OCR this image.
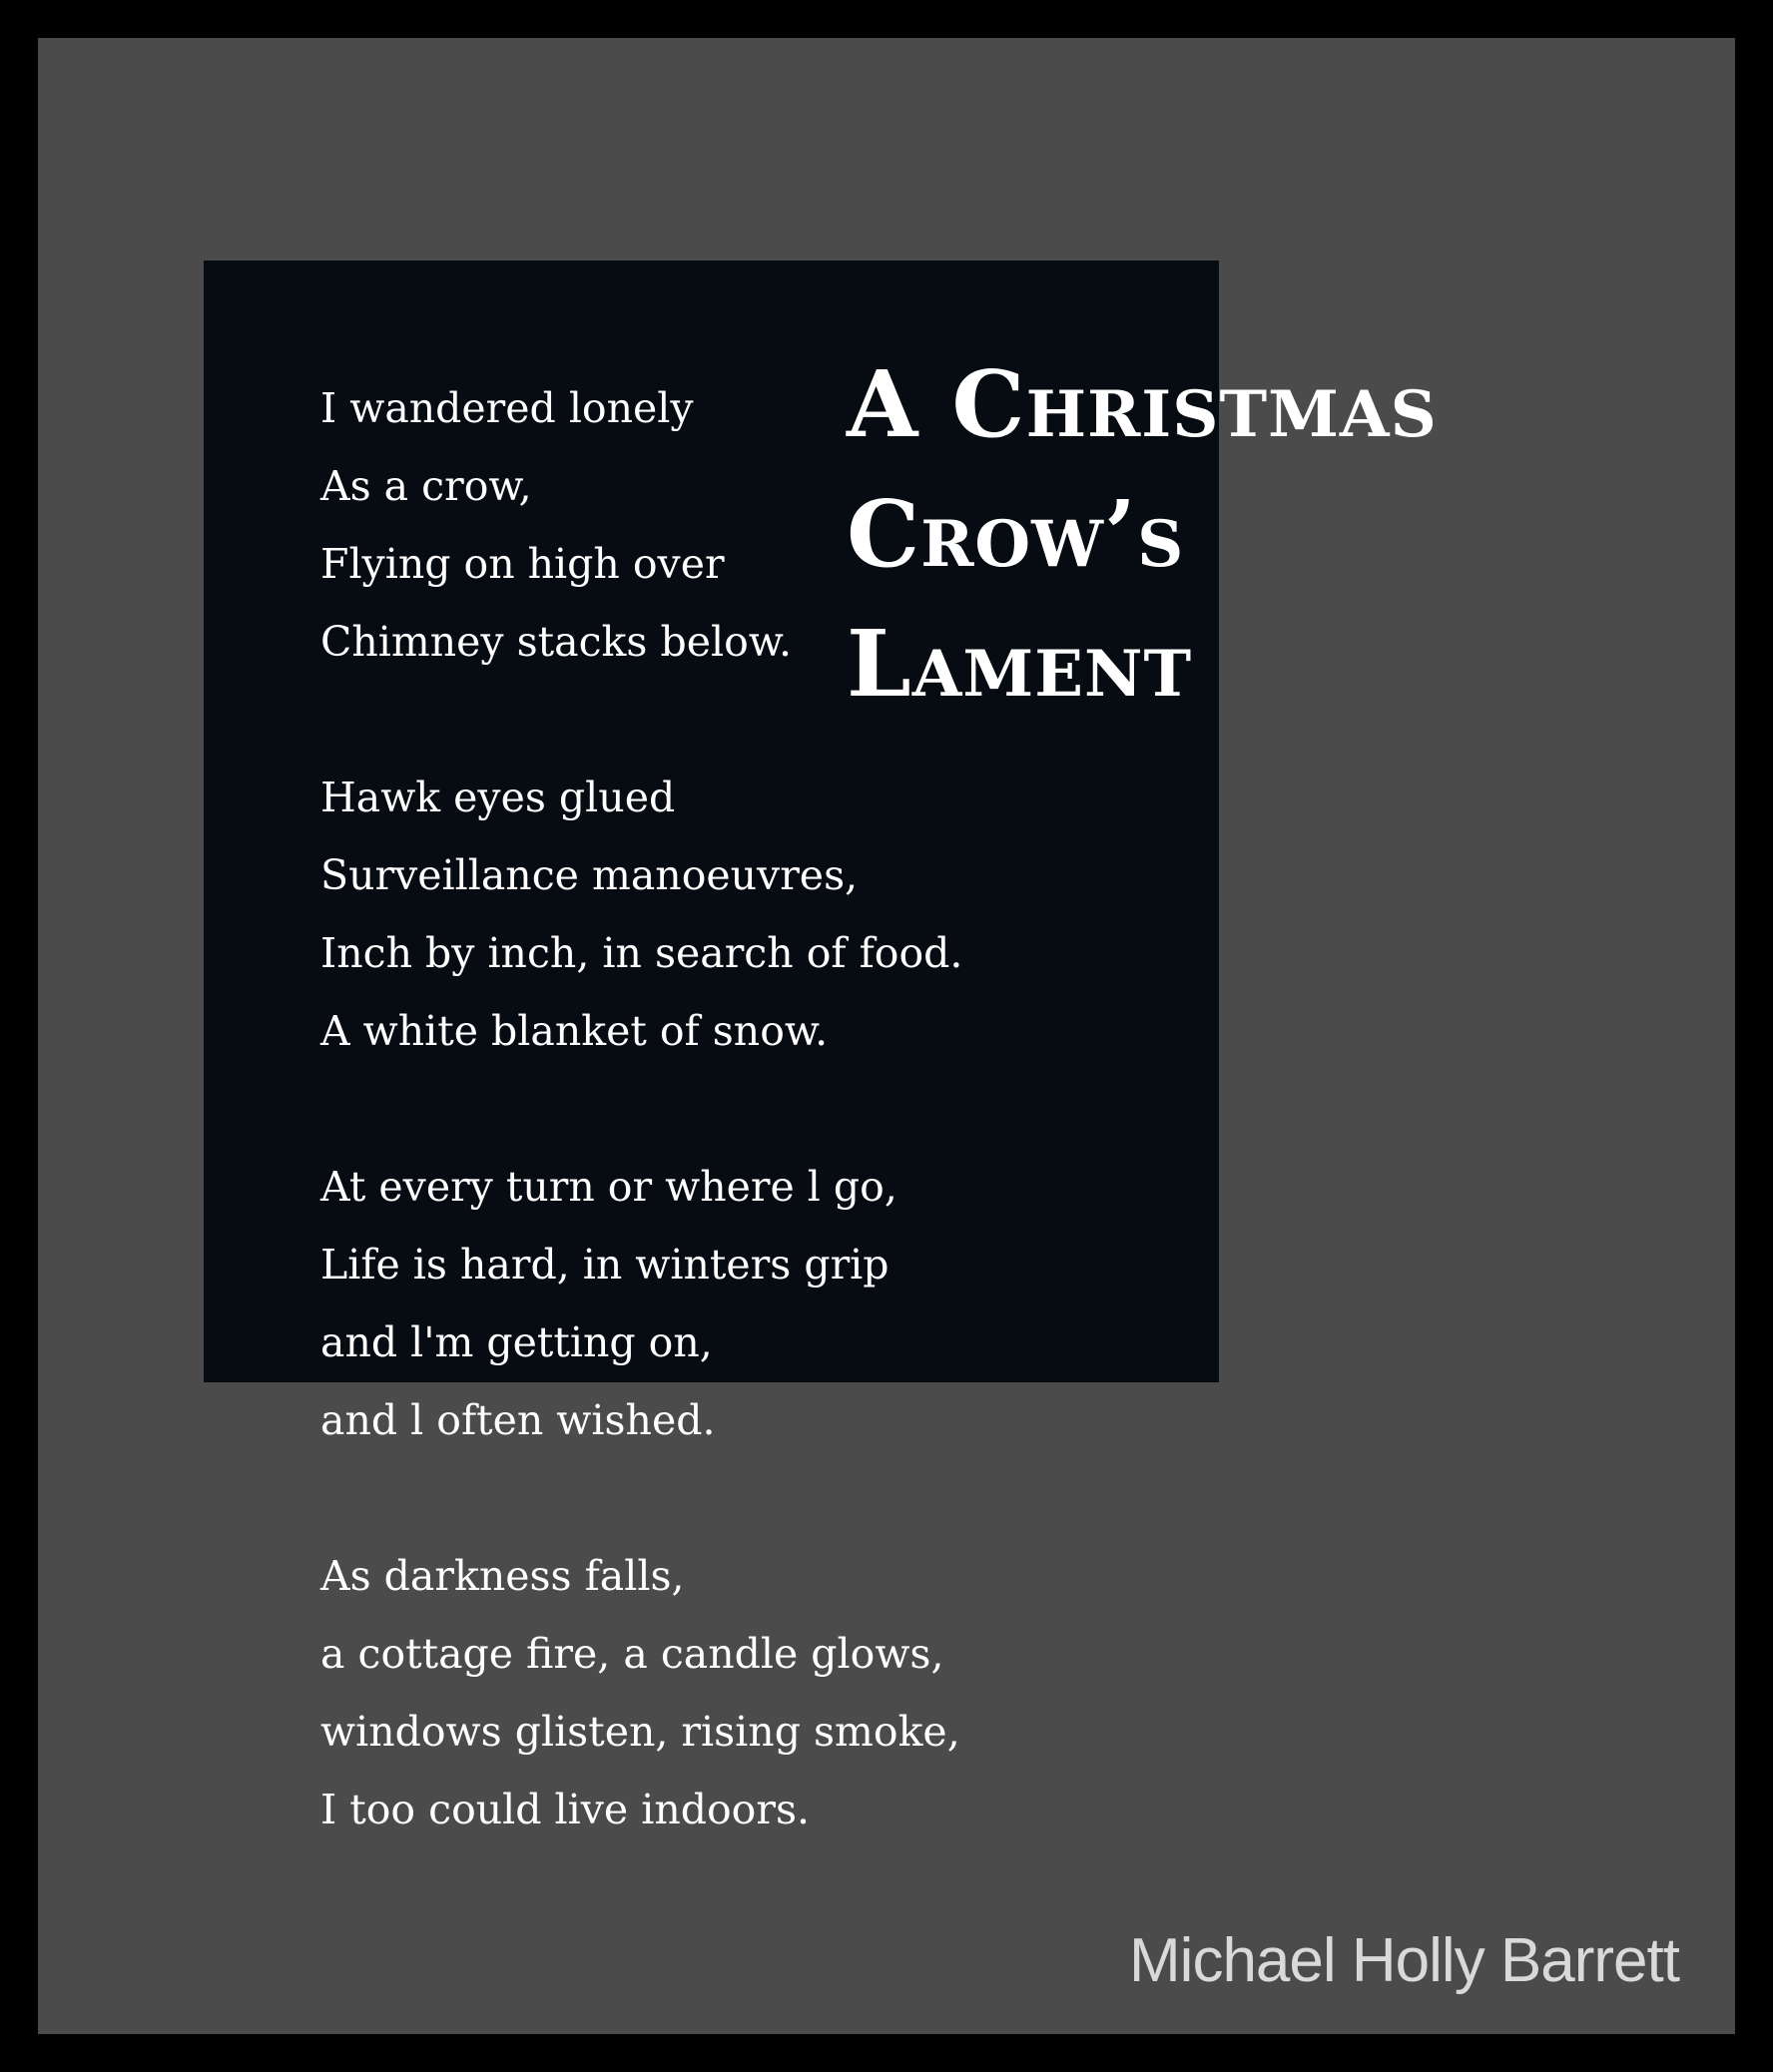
A Christmas
Crow’s
Lament
I wandered lonely
As a crow,
Flying on high over
Chimney stacks below.
Hawk eyes glued
Surveillance manoeuvres,
Inch by inch, in search of food.
A white blanket of snow.
At every turn or where l go,
Life is hard, in winters grip
and l'm getting on,
and l often wished.
As darkness falls,
a cottage fire, a candle glows,
windows glisten, rising smoke,
I too could live indoors.
Michael Holly Barrett
